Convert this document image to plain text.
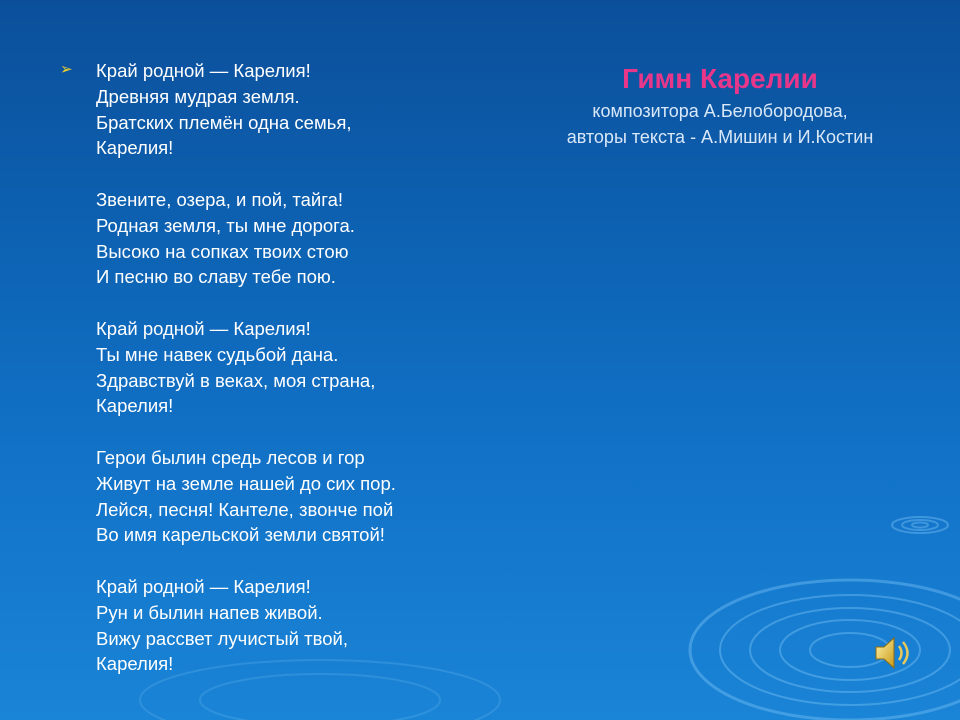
➢ Край родной — Карелия!
Древняя мудрая земля.
Братских племён одна семья,
Карелия!
Звените, озера, и пой, тайга!
Родная земля, ты мне дорога.
Высоко на сопках твоих стою
И песню во славу тебе пою.
Край родной — Карелия!
Ты мне навек судьбой дана.
Здравствуй в веках, моя страна,
Карелия!
Герои былин средь лесов и гор
Живут на земле нашей до сих пор.
Лейся, песня! Кантеле, звонче пой
Во имя карельской земли святой!
Край родной — Карелия!
Рун и былин напев живой.
Вижу рассвет лучистый твой,
Карелия!
Гимн Карелии
композитора А.Белобородова,
авторы текста - А.Мишин и И.Костин
